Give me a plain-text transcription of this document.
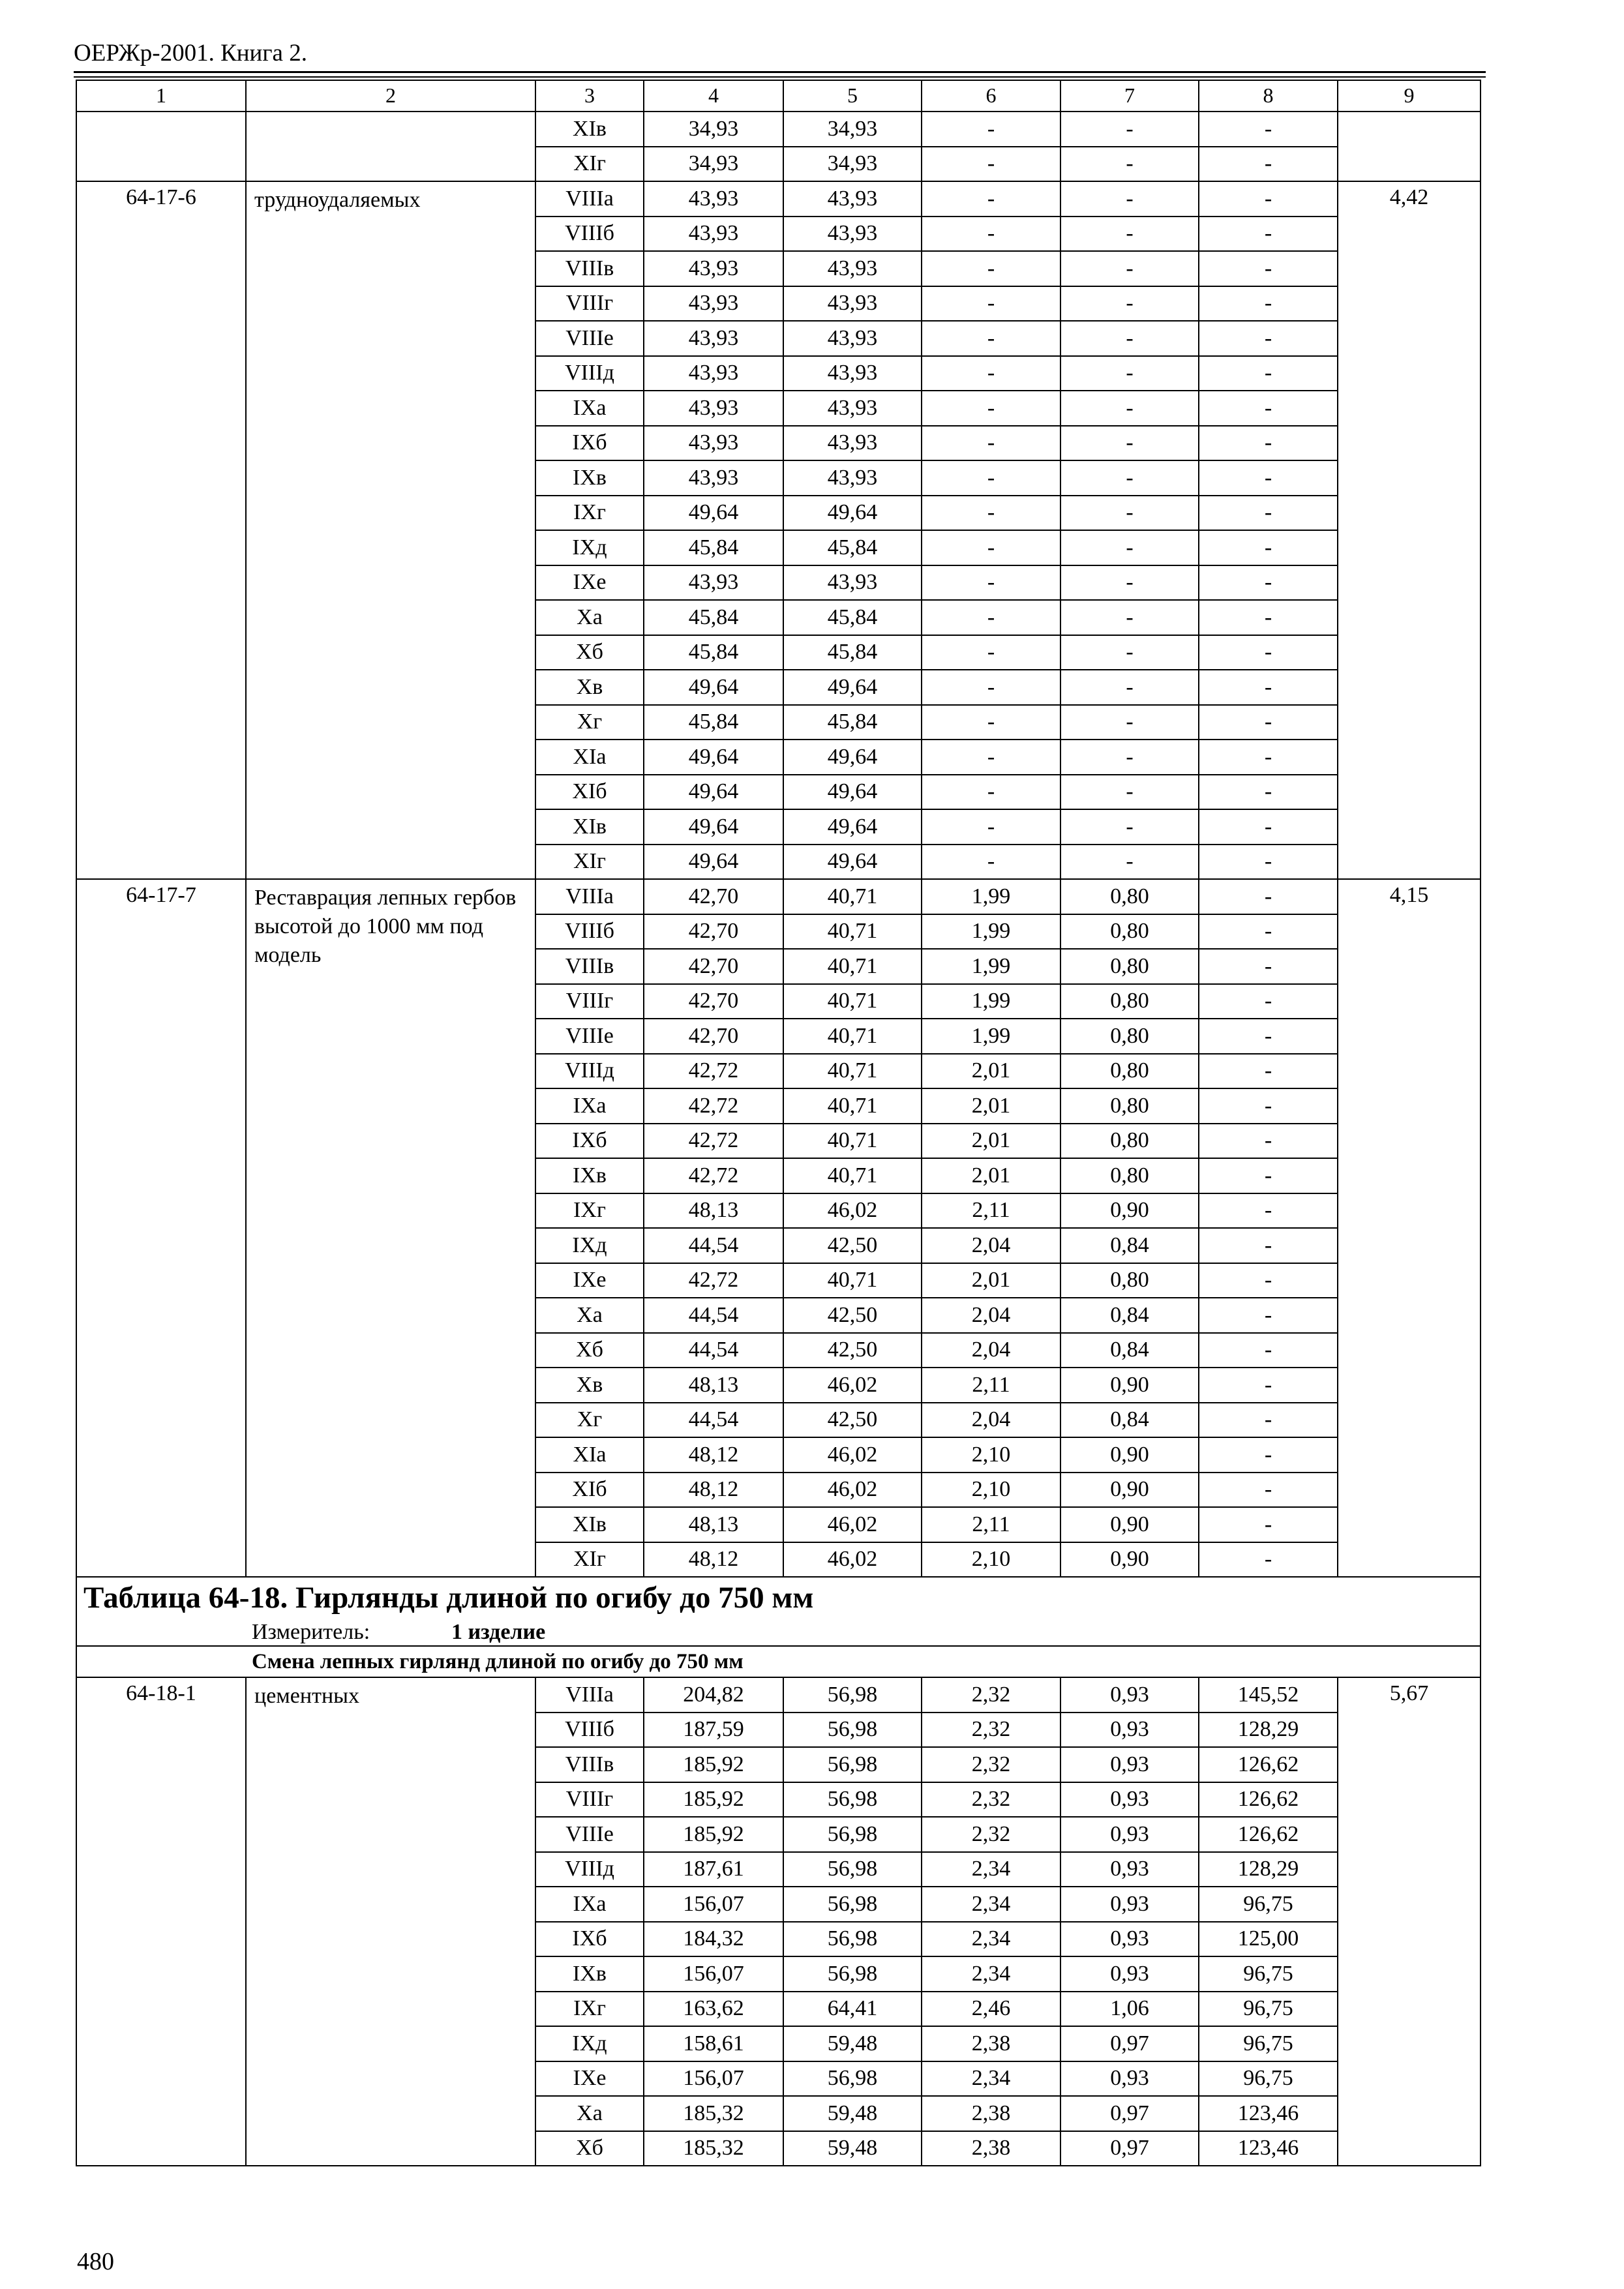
ОЕРЖр-2001. Книга 2.
1	2	3	4	5	6	7	8	9
		XIв	34,93	34,93	-	-	-	
		XIг	34,93	34,93	-	-	-	
64-17-6	трудноудаляемых	VIIIа	43,93	43,93	-	-	-	4,42
		VIIIб	43,93	43,93	-	-	-	
		VIIIв	43,93	43,93	-	-	-	
		VIIIг	43,93	43,93	-	-	-	
		VIIIе	43,93	43,93	-	-	-	
		VIIIд	43,93	43,93	-	-	-	
		IXа	43,93	43,93	-	-	-	
		IXб	43,93	43,93	-	-	-	
		IXв	43,93	43,93	-	-	-	
		IXг	49,64	49,64	-	-	-	
		IXд	45,84	45,84	-	-	-	
		IXе	43,93	43,93	-	-	-	
		Xа	45,84	45,84	-	-	-	
		Xб	45,84	45,84	-	-	-	
		Xв	49,64	49,64	-	-	-	
		Xг	45,84	45,84	-	-	-	
		XIа	49,64	49,64	-	-	-	
		XIб	49,64	49,64	-	-	-	
		XIв	49,64	49,64	-	-	-	
		XIг	49,64	49,64	-	-	-	
64-17-7	Реставрация лепных гербов высотой до 1000 мм под модель	VIIIа	42,70	40,71	1,99	0,80	-	4,15
		VIIIб	42,70	40,71	1,99	0,80	-	
		VIIIв	42,70	40,71	1,99	0,80	-	
		VIIIг	42,70	40,71	1,99	0,80	-	
		VIIIе	42,70	40,71	1,99	0,80	-	
		VIIIд	42,72	40,71	2,01	0,80	-	
		IXа	42,72	40,71	2,01	0,80	-	
		IXб	42,72	40,71	2,01	0,80	-	
		IXв	42,72	40,71	2,01	0,80	-	
		IXг	48,13	46,02	2,11	0,90	-	
		IXд	44,54	42,50	2,04	0,84	-	
		IXе	42,72	40,71	2,01	0,80	-	
		Xа	44,54	42,50	2,04	0,84	-	
		Xб	44,54	42,50	2,04	0,84	-	
		Xв	48,13	46,02	2,11	0,90	-	
		Xг	44,54	42,50	2,04	0,84	-	
		XIа	48,12	46,02	2,10	0,90	-	
		XIб	48,12	46,02	2,10	0,90	-	
		XIв	48,13	46,02	2,11	0,90	-	
		XIг	48,12	46,02	2,10	0,90	-	
Таблица 64-18. Гирлянды длиной по огибу до 750 мм								
Измеритель: 1 изделие								
Смена лепных гирлянд длиной по огибу до 750 мм								
64-18-1	цементных	VIIIа	204,82	56,98	2,32	0,93	145,52	5,67
		VIIIб	187,59	56,98	2,32	0,93	128,29	
		VIIIв	185,92	56,98	2,32	0,93	126,62	
		VIIIг	185,92	56,98	2,32	0,93	126,62	
		VIIIе	185,92	56,98	2,32	0,93	126,62	
		VIIIд	187,61	56,98	2,34	0,93	128,29	
		IXа	156,07	56,98	2,34	0,93	96,75	
		IXб	184,32	56,98	2,34	0,93	125,00	
		IXв	156,07	56,98	2,34	0,93	96,75	
		IXг	163,62	64,41	2,46	1,06	96,75	
		IXд	158,61	59,48	2,38	0,97	96,75	
		IXе	156,07	56,98	2,34	0,93	96,75	
		Xа	185,32	59,48	2,38	0,97	123,46	
		Xб	185,32	59,48	2,38	0,97	123,46	
480
